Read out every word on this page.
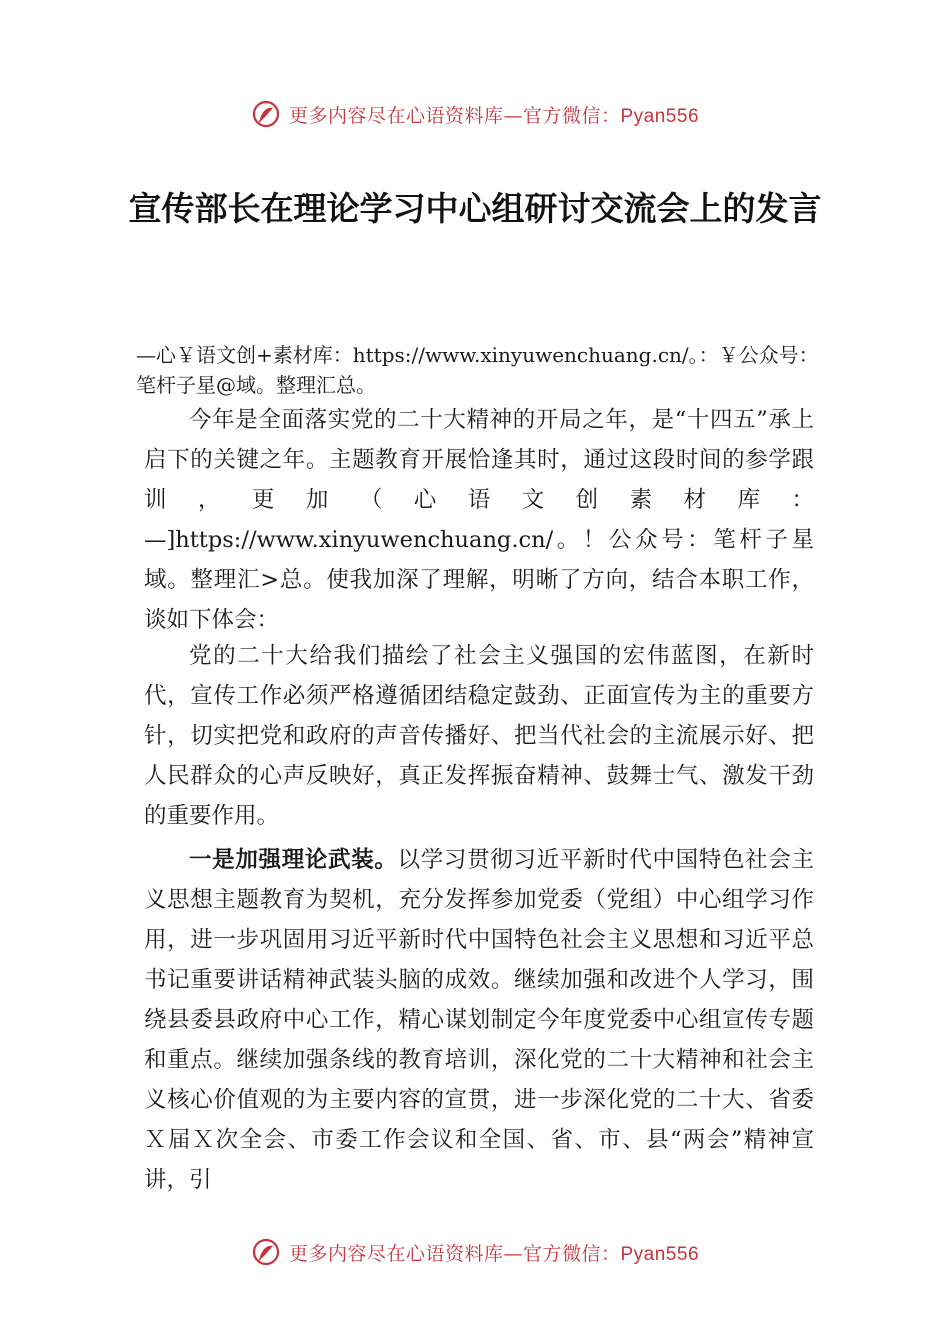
更多内容尽在心语资料库—官方微信：Pyan556
宣传部长在理论学习中心组研讨交流会上的发言

—心￥语文创+素材库：https://www.xinyuwenchuang.cn/。：￥公众号：笔杆子星@域。整理汇总。

今年是全面落实党的二十大精神的开局之年，是“十四五”承上启下的关键之年。主题教育开展恰逢其时，通过这段时间的参学跟训，更加（心语文创素材库：—]https://www.xinyuwenchuang.cn/。！公众号：笔杆子星域。整理汇>总。使我加深了理解，明晰了方向，结合本职工作，谈如下体会：

党的二十大给我们描绘了社会主义强国的宏伟蓝图，在新时代，宣传工作必须严格遵循团结稳定鼓劲、正面宣传为主的重要方针，切实把党和政府的声音传播好、把当代社会的主流展示好、把人民群众的心声反映好，真正发挥振奋精神、鼓舞士气、激发干劲的重要作用。

一是加强理论武装。以学习贯彻习近平新时代中国特色社会主义思想主题教育为契机，充分发挥参加党委（党组）中心组学习作用，进一步巩固用习近平新时代中国特色社会主义思想和习近平总书记重要讲话精神武装头脑的成效。继续加强和改进个人学习，围绕县委县政府中心工作，精心谋划制定今年度党委中心组宣传专题和重点。继续加强条线的教育培训，深化党的二十大精神和社会主义核心价值观的为主要内容的宣贯，进一步深化党的二十大、省委Ｘ届Ｘ次全会、市委工作会议和全国、省、市、县“两会”精神宣讲，引

更多内容尽在心语资料库—官方微信：Pyan556
